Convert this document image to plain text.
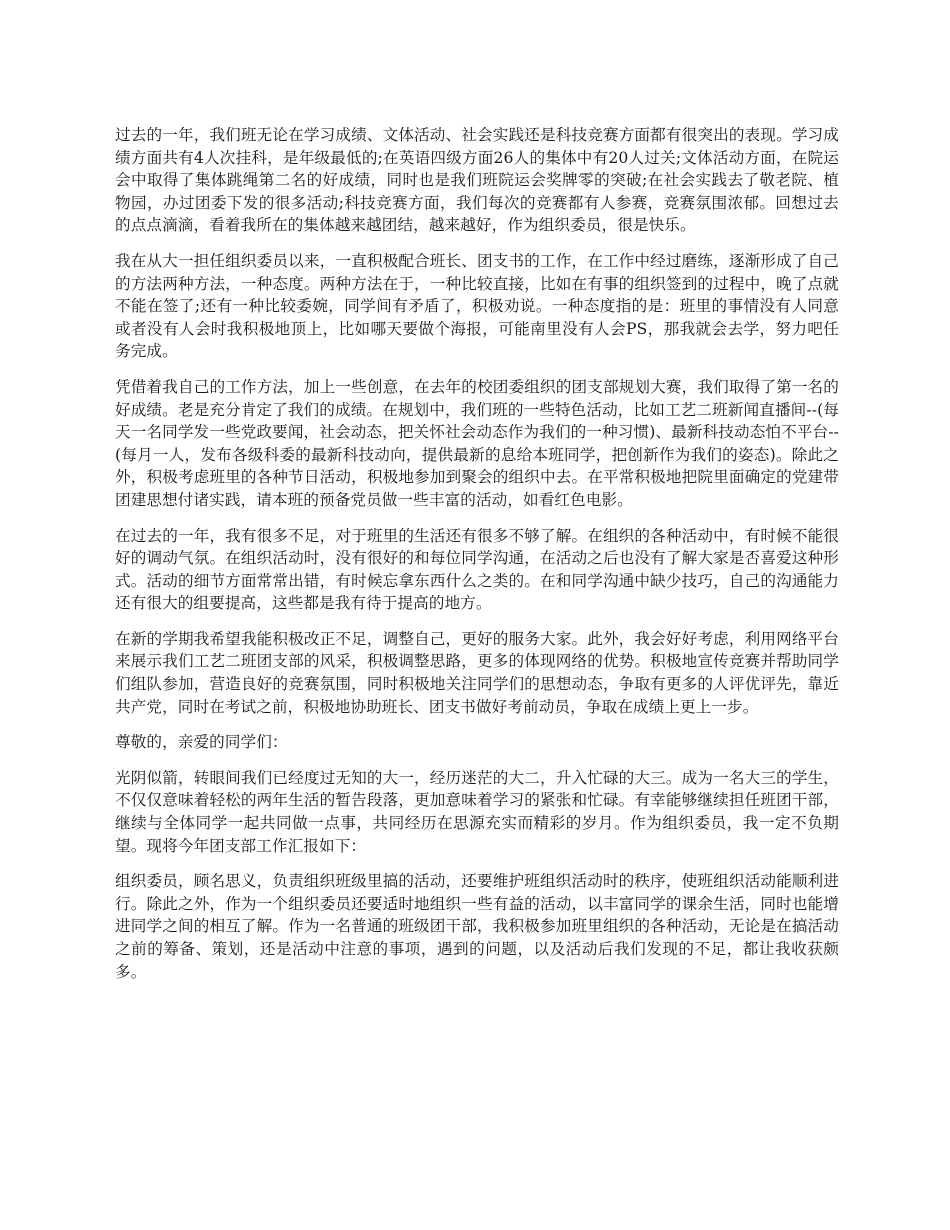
过去的一年，我们班无论在学习成绩、文体活动、社会实践还是科技竞赛方面都有很突出的表现。学习成绩方面共有4人次挂科，是年级最低的;在英语四级方面26人的集体中有20人过关;文体活动方面，在院运会中取得了集体跳绳第二名的好成绩，同时也是我们班院运会奖牌零的突破;在社会实践去了敬老院、植物园，办过团委下发的很多活动;科技竞赛方面，我们每次的竞赛都有人参赛，竞赛氛围浓郁。回想过去的点点滴滴，看着我所在的集体越来越团结，越来越好，作为组织委员，很是快乐。

我在从大一担任组织委员以来，一直积极配合班长、团支书的工作，在工作中经过磨练，逐渐形成了自己的方法两种方法，一种态度。两种方法在于，一种比较直接，比如在有事的组织签到的过程中，晚了点就不能在签了;还有一种比较委婉，同学间有矛盾了，积极劝说。一种态度指的是：班里的事情没有人同意或者没有人会时我积极地顶上，比如哪天要做个海报，可能南里没有人会PS，那我就会去学，努力吧任务完成。

凭借着我自己的工作方法，加上一些创意，在去年的校团委组织的团支部规划大赛，我们取得了第一名的好成绩。老是充分肯定了我们的成绩。在规划中，我们班的一些特色活动，比如工艺二班新闻直播间--(每天一名同学发一些党政要闻，社会动态，把关怀社会动态作为我们的一种习惯)、最新科技动态怕不平台--(每月一人，发布各级科委的最新科技动向，提供最新的息给本班同学，把创新作为我们的姿态)。除此之外，积极考虑班里的各种节日活动，积极地参加到聚会的组织中去。在平常积极地把院里面确定的党建带团建思想付诸实践，请本班的预备党员做一些丰富的活动，如看红色电影。

在过去的一年，我有很多不足，对于班里的生活还有很多不够了解。在组织的各种活动中，有时候不能很好的调动气氛。在组织活动时，没有很好的和每位同学沟通，在活动之后也没有了解大家是否喜爱这种形式。活动的细节方面常常出错，有时候忘拿东西什么之类的。在和同学沟通中缺少技巧，自己的沟通能力还有很大的组要提高，这些都是我有待于提高的地方。

在新的学期我希望我能积极改正不足，调整自己，更好的服务大家。此外，我会好好考虑，利用网络平台来展示我们工艺二班团支部的风采，积极调整思路，更多的体现网络的优势。积极地宣传竞赛并帮助同学们组队参加，营造良好的竞赛氛围，同时积极地关注同学们的思想动态，争取有更多的人评优评先，靠近共产党，同时在考试之前，积极地协助班长、团支书做好考前动员，争取在成绩上更上一步。

尊敬的，亲爱的同学们：

光阴似箭，转眼间我们已经度过无知的大一，经历迷茫的大二，升入忙碌的大三。成为一名大三的学生，不仅仅意味着轻松的两年生活的暂告段落，更加意味着学习的紧张和忙碌。有幸能够继续担任班团干部，继续与全体同学一起共同做一点事，共同经历在思源充实而精彩的岁月。作为组织委员，我一定不负期望。现将今年团支部工作汇报如下：

组织委员，顾名思义，负责组织班级里搞的活动，还要维护班组织活动时的秩序，使班组织活动能顺利进行。除此之外，作为一个组织委员还要适时地组织一些有益的活动，以丰富同学的课余生活，同时也能增进同学之间的相互了解。作为一名普通的班级团干部，我积极参加班里组织的各种活动，无论是在搞活动之前的筹备、策划，还是活动中注意的事项，遇到的问题，以及活动后我们发现的不足，都让我收获颇多。
